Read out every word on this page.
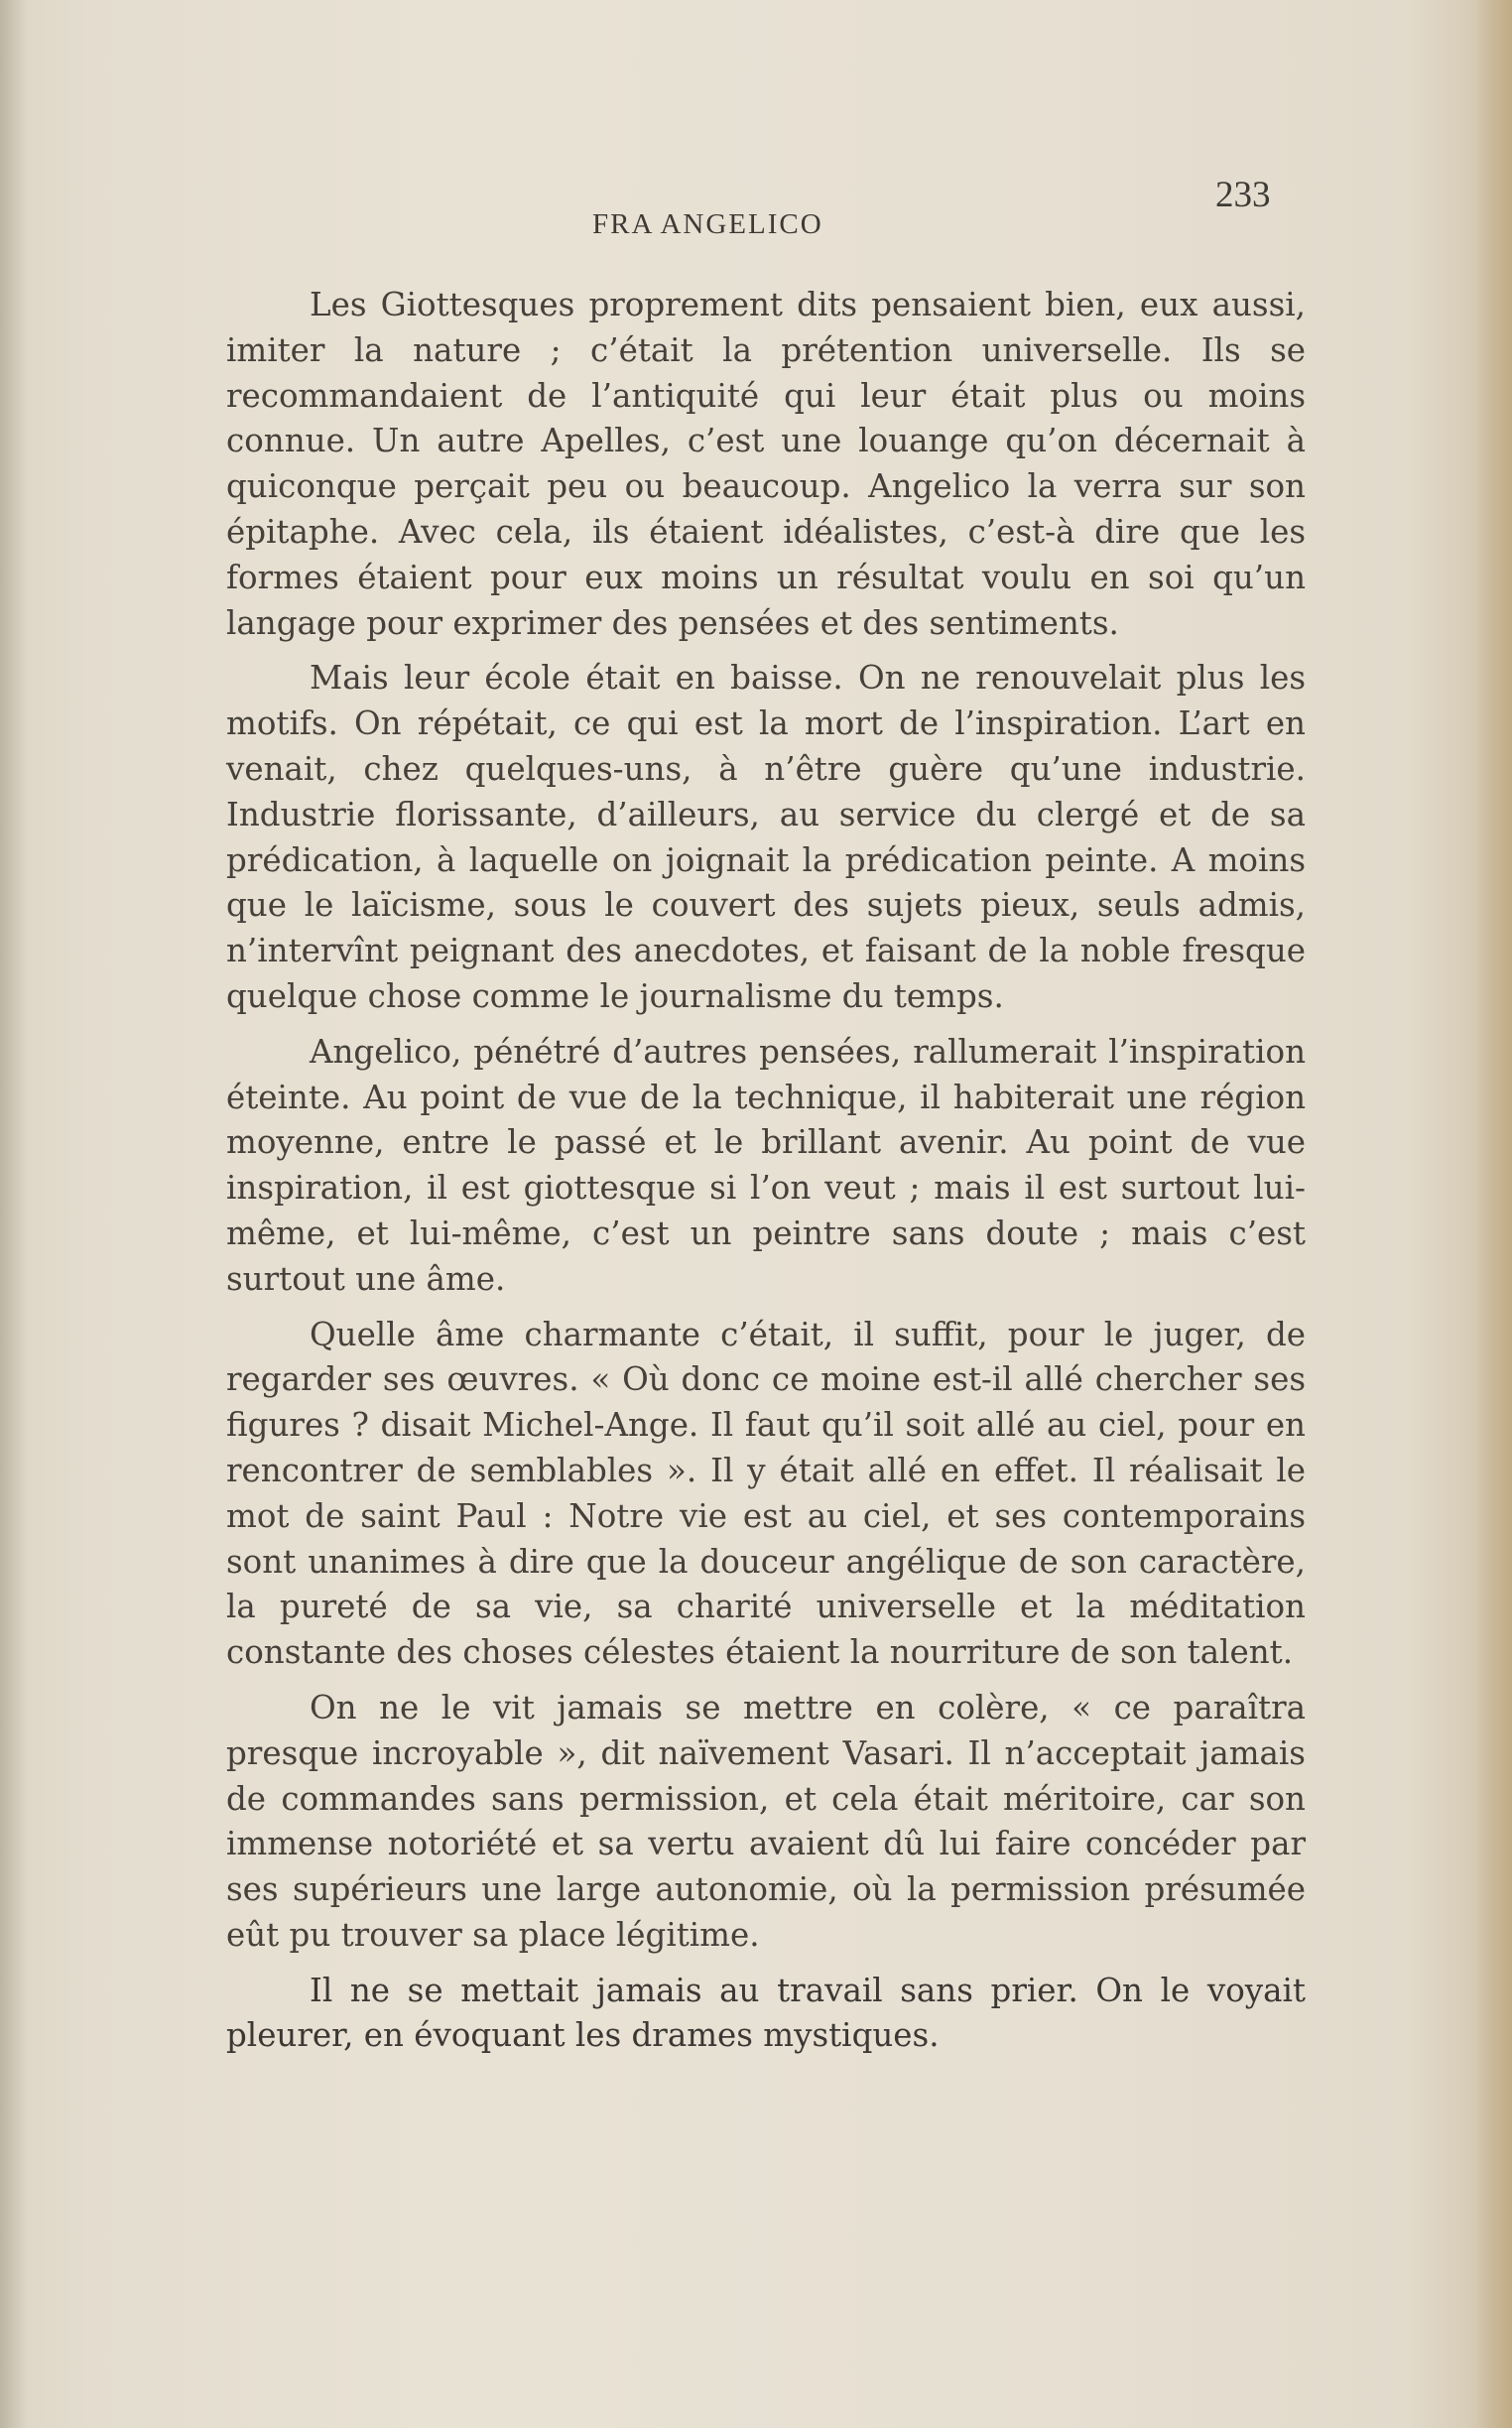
FRA ANGELICO
233

Les Giottesques proprement dits pensaient bien, eux aussi, imiter la nature ; c’était la prétention universelle. Ils se recommandaient de l’antiquité qui leur était plus ou moins connue. Un autre Apelles, c’est une louange qu’on décernait à quiconque perçait peu ou beaucoup. Angelico la verra sur son épitaphe. Avec cela, ils étaient idéalistes, c’est-à dire que les formes étaient pour eux moins un résultat voulu en soi qu’un langage pour exprimer des pensées et des sentiments.

Mais leur école était en baisse. On ne renouvelait plus les motifs. On répétait, ce qui est la mort de l’inspiration. L’art en venait, chez quelques-uns, à n’être guère qu’une industrie. Industrie florissante, d’ailleurs, au service du clergé et de sa prédication, à laquelle on joignait la prédication peinte. A moins que le laïcisme, sous le couvert des sujets pieux, seuls admis, n’intervînt peignant des anecdotes, et faisant de la noble fresque quelque chose comme le journalisme du temps.

Angelico, pénétré d’autres pensées, rallumerait l’inspiration éteinte. Au point de vue de la technique, il habiterait une région moyenne, entre le passé et le brillant avenir. Au point de vue inspiration, il est giottesque si l’on veut ; mais il est surtout lui-même, et lui-même, c’est un peintre sans doute ; mais c’est surtout une âme.

Quelle âme charmante c’était, il suffit, pour le juger, de regarder ses œuvres. « Où donc ce moine est-il allé chercher ses figures ? disait Michel-Ange. Il faut qu’il soit allé au ciel, pour en rencontrer de semblables ». Il y était allé en effet. Il réalisait le mot de saint Paul : Notre vie est au ciel, et ses contemporains sont unanimes à dire que la douceur angélique de son caractère, la pureté de sa vie, sa charité universelle et la méditation constante des choses célestes étaient la nourriture de son talent.

On ne le vit jamais se mettre en colère, « ce paraîtra presque incroyable », dit naïvement Vasari. Il n’acceptait jamais de commandes sans permission, et cela était méritoire, car son immense notoriété et sa vertu avaient dû lui faire concéder par ses supérieurs une large autonomie, où la permission présumée eût pu trouver sa place légitime.

Il ne se mettait jamais au travail sans prier. On le voyait pleurer, en évoquant les drames mystiques.
